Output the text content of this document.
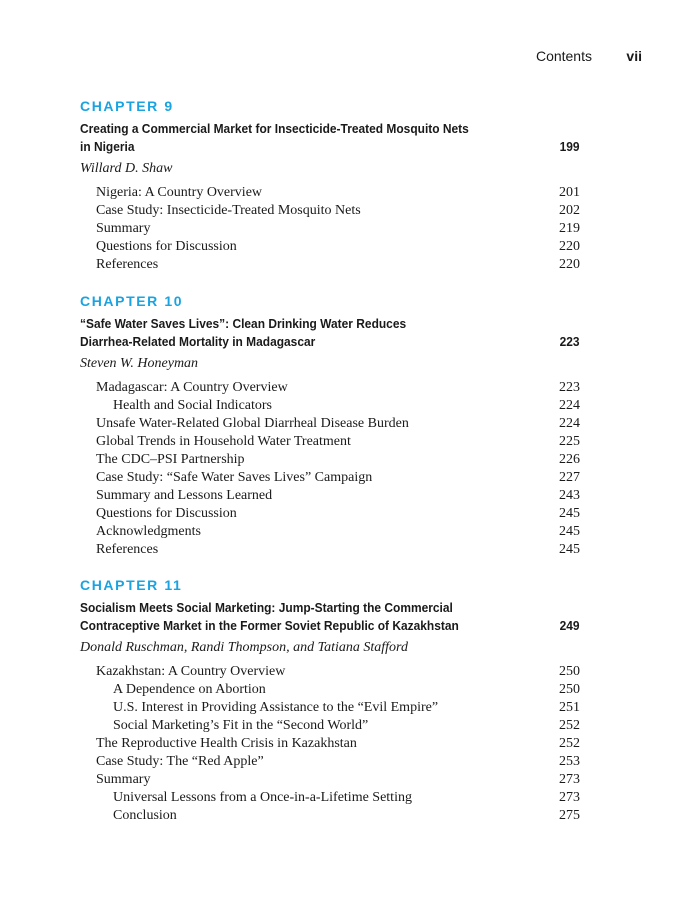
Contents vii
CHAPTER 9
Creating a Commercial Market for Insecticide-Treated Mosquito Nets
in Nigeria	199
Willard D. Shaw
Nigeria: A Country Overview	201
Case Study: Insecticide-Treated Mosquito Nets	202
Summary	219
Questions for Discussion	220
References	220
CHAPTER 10
“Safe Water Saves Lives”: Clean Drinking Water Reduces
Diarrhea-Related Mortality in Madagascar	223
Steven W. Honeyman
Madagascar: A Country Overview	223
Health and Social Indicators	224
Unsafe Water-Related Global Diarrheal Disease Burden	224
Global Trends in Household Water Treatment	225
The CDC–PSI Partnership	226
Case Study: “Safe Water Saves Lives” Campaign	227
Summary and Lessons Learned	243
Questions for Discussion	245
Acknowledgments	245
References	245
CHAPTER 11
Socialism Meets Social Marketing: Jump-Starting the Commercial
Contraceptive Market in the Former Soviet Republic of Kazakhstan	249
Donald Ruschman, Randi Thompson, and Tatiana Stafford
Kazakhstan: A Country Overview	250
A Dependence on Abortion	250
U.S. Interest in Providing Assistance to the “Evil Empire”	251
Social Marketing’s Fit in the “Second World”	252
The Reproductive Health Crisis in Kazakhstan	252
Case Study: The “Red Apple”	253
Summary	273
Universal Lessons from a Once-in-a-Lifetime Setting	273
Conclusion	275
